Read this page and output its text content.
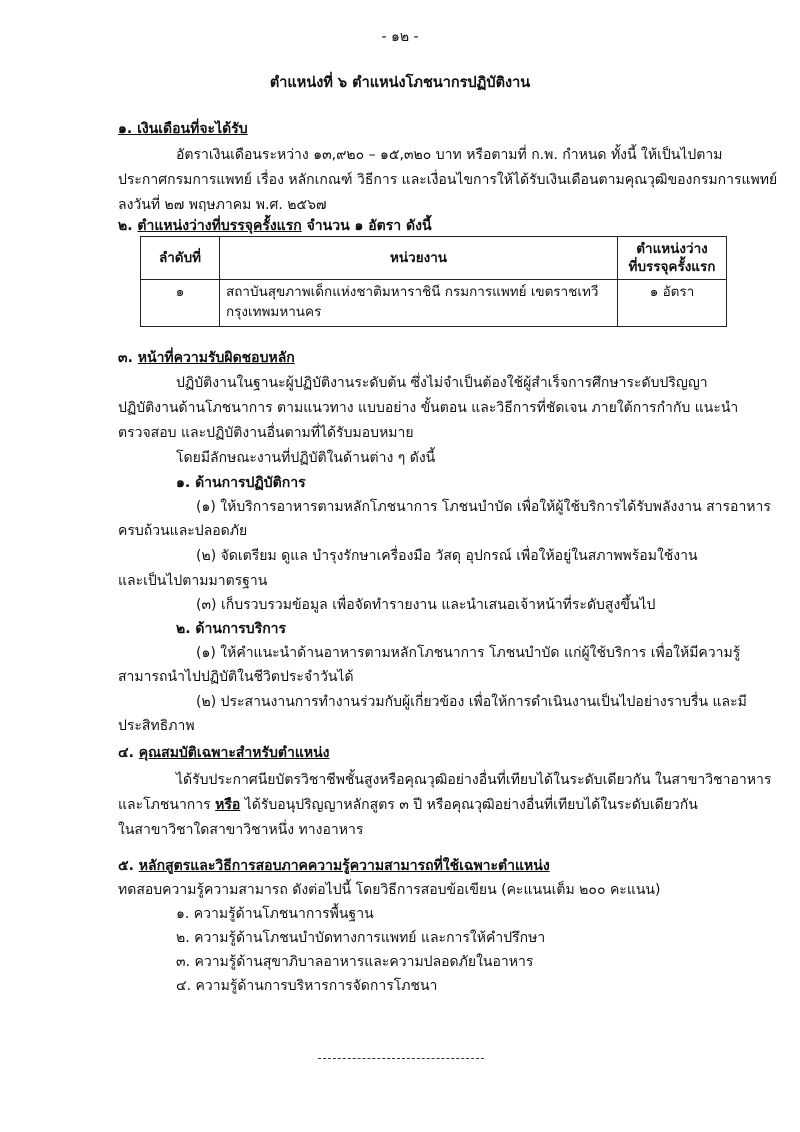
- ๑๒ -
ตำแหน่งที่ ๖ ตำแหน่งโภชนากรปฏิบัติงาน
๑. เงินเดือนที่จะได้รับ
อัตราเงินเดือนระหว่าง ๑๓,๙๒๐ – ๑๕,๓๒๐ บาท หรือตามที่ ก.พ. กำหนด ทั้งนี้ ให้เป็นไปตาม
ประกาศกรมการแพทย์ เรื่อง หลักเกณฑ์ วิธีการ และเงื่อนไขการให้ได้รับเงินเดือนตามคุณวุฒิของกรมการแพทย์
ลงวันที่ ๒๗ พฤษภาคม พ.ศ. ๒๕๖๗
๒. ตำแหน่งว่างที่บรรจุครั้งแรก จำนวน ๑ อัตรา ดังนี้
ลำดับที่	หน่วยงาน	ตำแหน่งว่าง
ที่บรรจุครั้งแรก

๑	สถาบันสุขภาพเด็กแห่งชาติมหาราชินี กรมการแพทย์ เขตราชเทวี
กรุงเทพมหานคร	๑ อัตรา
๓. หน้าที่ความรับผิดชอบหลัก
ปฏิบัติงานในฐานะผู้ปฏิบัติงานระดับต้น ซึ่งไม่จำเป็นต้องใช้ผู้สำเร็จการศึกษาระดับปริญญา
ปฏิบัติงานด้านโภชนาการ ตามแนวทาง แบบอย่าง ขั้นตอน และวิธีการที่ชัดเจน ภายใต้การกำกับ แนะนำ
ตรวจสอบ และปฏิบัติงานอื่นตามที่ได้รับมอบหมาย
โดยมีลักษณะงานที่ปฏิบัติในด้านต่าง ๆ ดังนี้
๑. ด้านการปฏิบัติการ
(๑) ให้บริการอาหารตามหลักโภชนาการ โภชนบำบัด เพื่อให้ผู้ใช้บริการได้รับพลังงาน สารอาหาร
ครบถ้วนและปลอดภัย
(๒) จัดเตรียม ดูแล บำรุงรักษาเครื่องมือ วัสดุ อุปกรณ์ เพื่อให้อยู่ในสภาพพร้อมใช้งาน
และเป็นไปตามมาตรฐาน
(๓) เก็บรวบรวมข้อมูล เพื่อจัดทำรายงาน และนำเสนอเจ้าหน้าที่ระดับสูงขึ้นไป
๒. ด้านการบริการ
(๑) ให้คำแนะนำด้านอาหารตามหลักโภชนาการ โภชนบำบัด แก่ผู้ใช้บริการ เพื่อให้มีความรู้
สามารถนำไปปฏิบัติในชีวิตประจำวันได้
(๒) ประสานงานการทำงานร่วมกับผู้เกี่ยวข้อง เพื่อให้การดำเนินงานเป็นไปอย่างราบรื่น และมี
ประสิทธิภาพ
๔. คุณสมบัติเฉพาะสำหรับตำแหน่ง
ได้รับประกาศนียบัตรวิชาชีพชั้นสูงหรือคุณวุฒิอย่างอื่นที่เทียบได้ในระดับเดียวกัน ในสาขาวิชาอาหาร
และโภชนาการ หรือ ได้รับอนุปริญญาหลักสูตร ๓ ปี หรือคุณวุฒิอย่างอื่นที่เทียบได้ในระดับเดียวกัน
ในสาขาวิชาใดสาขาวิชาหนึ่ง ทางอาหาร
๕. หลักสูตรและวิธีการสอบภาคความรู้ความสามารถที่ใช้เฉพาะตำแหน่ง
ทดสอบความรู้ความสามารถ ดังต่อไปนี้ โดยวิธีการสอบข้อเขียน (คะแนนเต็ม ๒๐๐ คะแนน)
๑. ความรู้ด้านโภชนาการพื้นฐาน
๒. ความรู้ด้านโภชนบำบัดทางการแพทย์ และการให้คำปรึกษา
๓. ความรู้ด้านสุขาภิบาลอาหารและความปลอดภัยในอาหาร
๔. ความรู้ด้านการบริหารการจัดการโภชนา
